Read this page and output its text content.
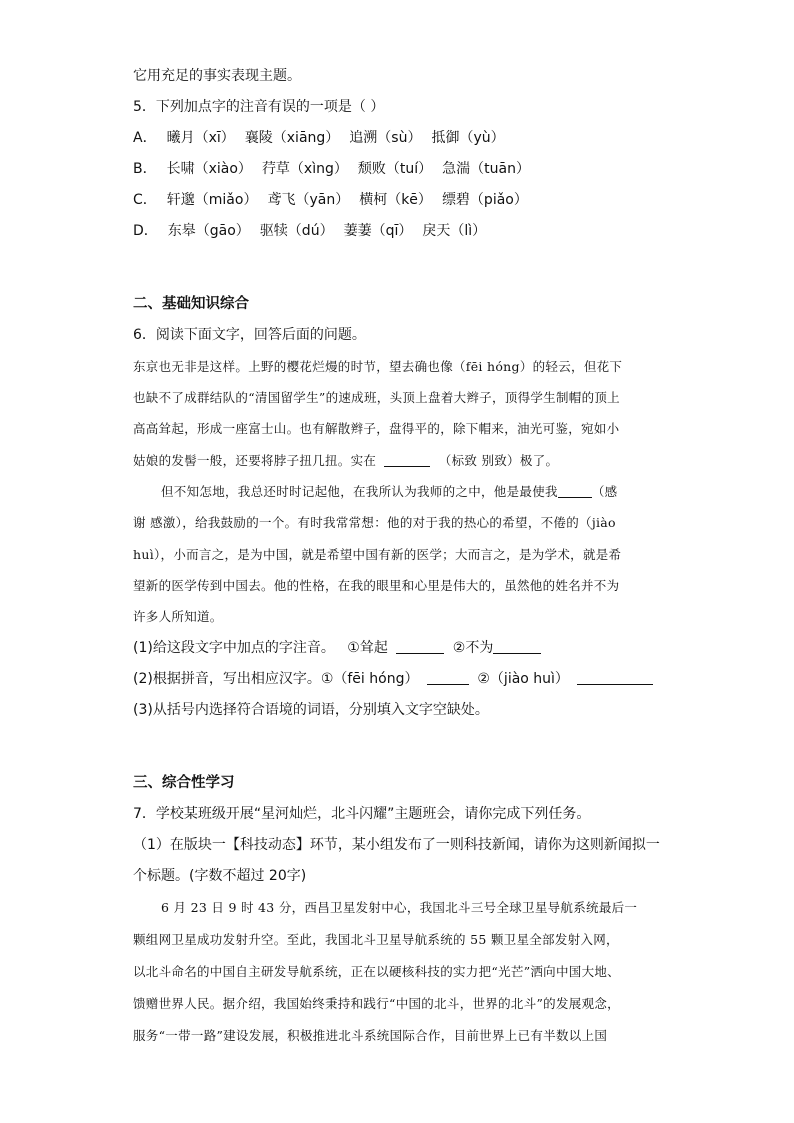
它用充足的事实表现主题。
5．下列加点字的注音有误的一项是（ ）
A． 曦月（xī） 襄陵（xiāng） 追溯（sù） 抵御（yù）
B． 长啸（xiào） 荇草（xìng） 颓败（tuí） 急湍（tuān）
C． 轩邈（miǎo） 鸢飞（yān） 横柯（kē） 缥碧（piǎo）
D． 东皋（gāo） 驱犊（dú） 萋萋（qī） 戾天（lì）
二、基础知识综合
6．阅读下面文字，回答后面的问题。
东京也无非是这样。上野的樱花烂熳的时节，望去确也像（fēi hóng）的轻云，但花下
也缺不了成群结队的“清国留学生”的速成班，头顶上盘着大辫子，顶得学生制帽的顶上
高高耸起，形成一座富士山。也有解散辫子，盘得平的，除下帽来，油光可鉴，宛如小
姑娘的发髻一般，还要将脖子扭几扭。实在	（标致 别致）极了。
但不知怎地，我总还时时记起他，在我所认为我师的之中，他是最使我	（感
谢 感激），给我鼓励的一个。有时我常常想：他的对于我的热心的希望，不倦的（jiào
huì），小而言之，是为中国，就是希望中国有新的医学；大而言之，是为学术，就是希
望新的医学传到中国去。他的性格，在我的眼里和心里是伟大的，虽然他的姓名并不为
许多人所知道。
(1)给这段文字中加点的字注音。 ①耸起	②不为
(2)根据拼音，写出相应汉字。①（fēi hóng）	②（jiào huì）
(3)从括号内选择符合语境的词语，分别填入文字空缺处。
三、综合性学习
7．学校某班级开展“星河灿烂，北斗闪耀”主题班会，请你完成下列任务。
（1）在版块一【科技动态】环节，某小组发布了一则科技新闻，请你为这则新闻拟一
个标题。(字数不超过 20字)
6 月 23 日 9 时 43 分，西昌卫星发射中心，我国北斗三号全球卫星导航系统最后一
颗组网卫星成功发射升空。至此，我国北斗卫星导航系统的 55 颗卫星全部发射入网，
以北斗命名的中国自主研发导航系统，正在以硬核科技的实力把“光芒”洒向中国大地、
馈赠世界人民。据介绍，我国始终秉持和践行“中国的北斗，世界的北斗”的发展观念，
服务“一带一路”建设发展，积极推进北斗系统国际合作，目前世界上已有半数以上国
